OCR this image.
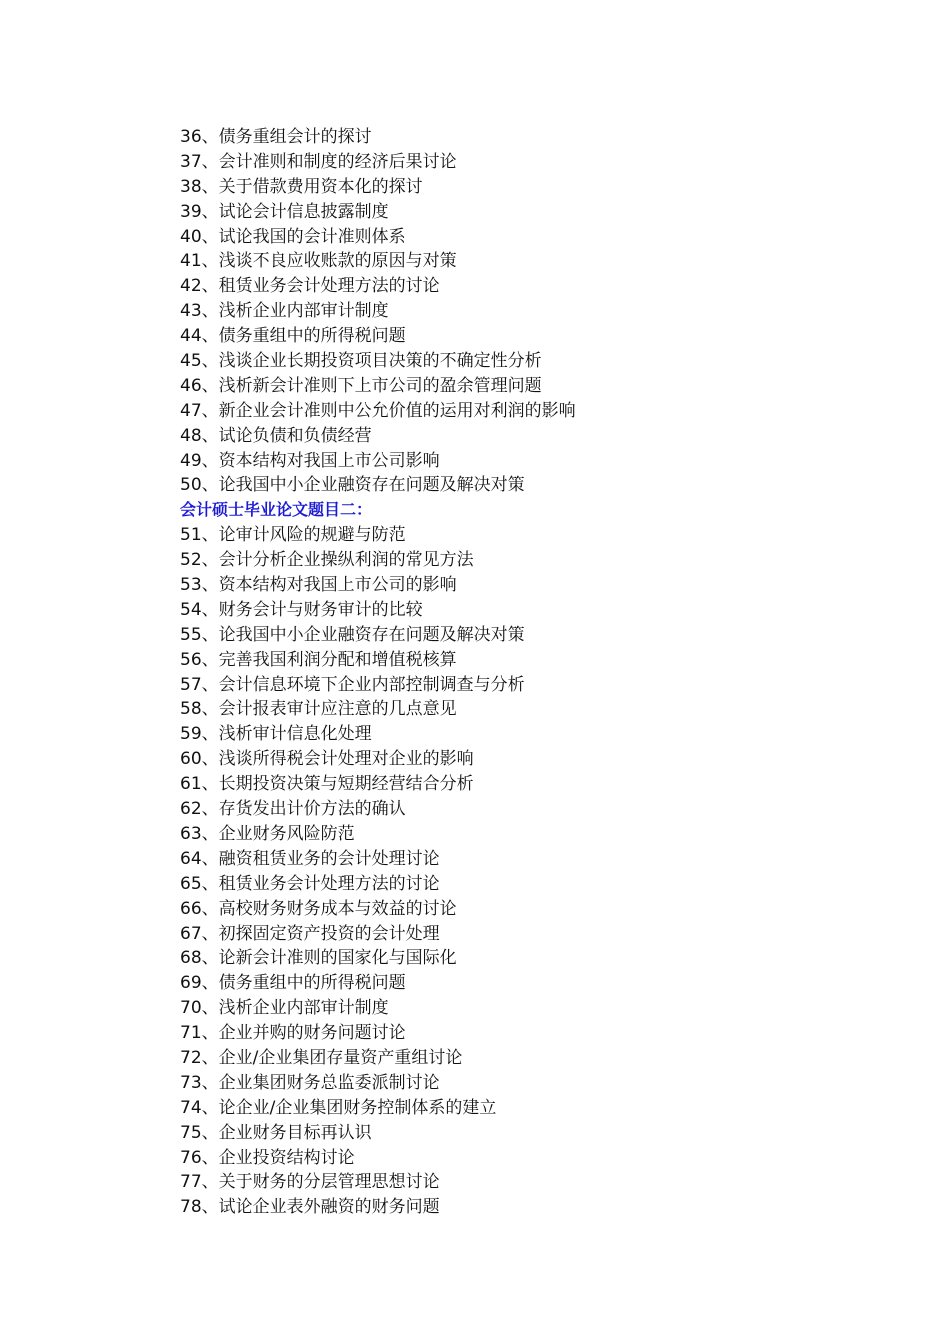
36、债务重组会计的探讨
37、会计准则和制度的经济后果讨论
38、关于借款费用资本化的探讨
39、试论会计信息披露制度
40、试论我国的会计准则体系
41、浅谈不良应收账款的原因与对策
42、租赁业务会计处理方法的讨论
43、浅析企业内部审计制度
44、债务重组中的所得税问题
45、浅谈企业长期投资项目决策的不确定性分析
46、浅析新会计准则下上市公司的盈余管理问题
47、新企业会计准则中公允价值的运用对利润的影响
48、试论负债和负债经营
49、资本结构对我国上市公司影响
50、论我国中小企业融资存在问题及解决对策
会计硕士毕业论文题目二：
51、论审计风险的规避与防范
52、会计分析企业操纵利润的常见方法
53、资本结构对我国上市公司的影响
54、财务会计与财务审计的比较
55、论我国中小企业融资存在问题及解决对策
56、完善我国利润分配和增值税核算
57、会计信息环境下企业内部控制调查与分析
58、会计报表审计应注意的几点意见
59、浅析审计信息化处理
60、浅谈所得税会计处理对企业的影响
61、长期投资决策与短期经营结合分析
62、存货发出计价方法的确认
63、企业财务风险防范
64、融资租赁业务的会计处理讨论
65、租赁业务会计处理方法的讨论
66、高校财务财务成本与效益的讨论
67、初探固定资产投资的会计处理
68、论新会计准则的国家化与国际化
69、债务重组中的所得税问题
70、浅析企业内部审计制度
71、企业并购的财务问题讨论
72、企业/企业集团存量资产重组讨论
73、企业集团财务总监委派制讨论
74、论企业/企业集团财务控制体系的建立
75、企业财务目标再认识
76、企业投资结构讨论
77、关于财务的分层管理思想讨论
78、试论企业表外融资的财务问题
